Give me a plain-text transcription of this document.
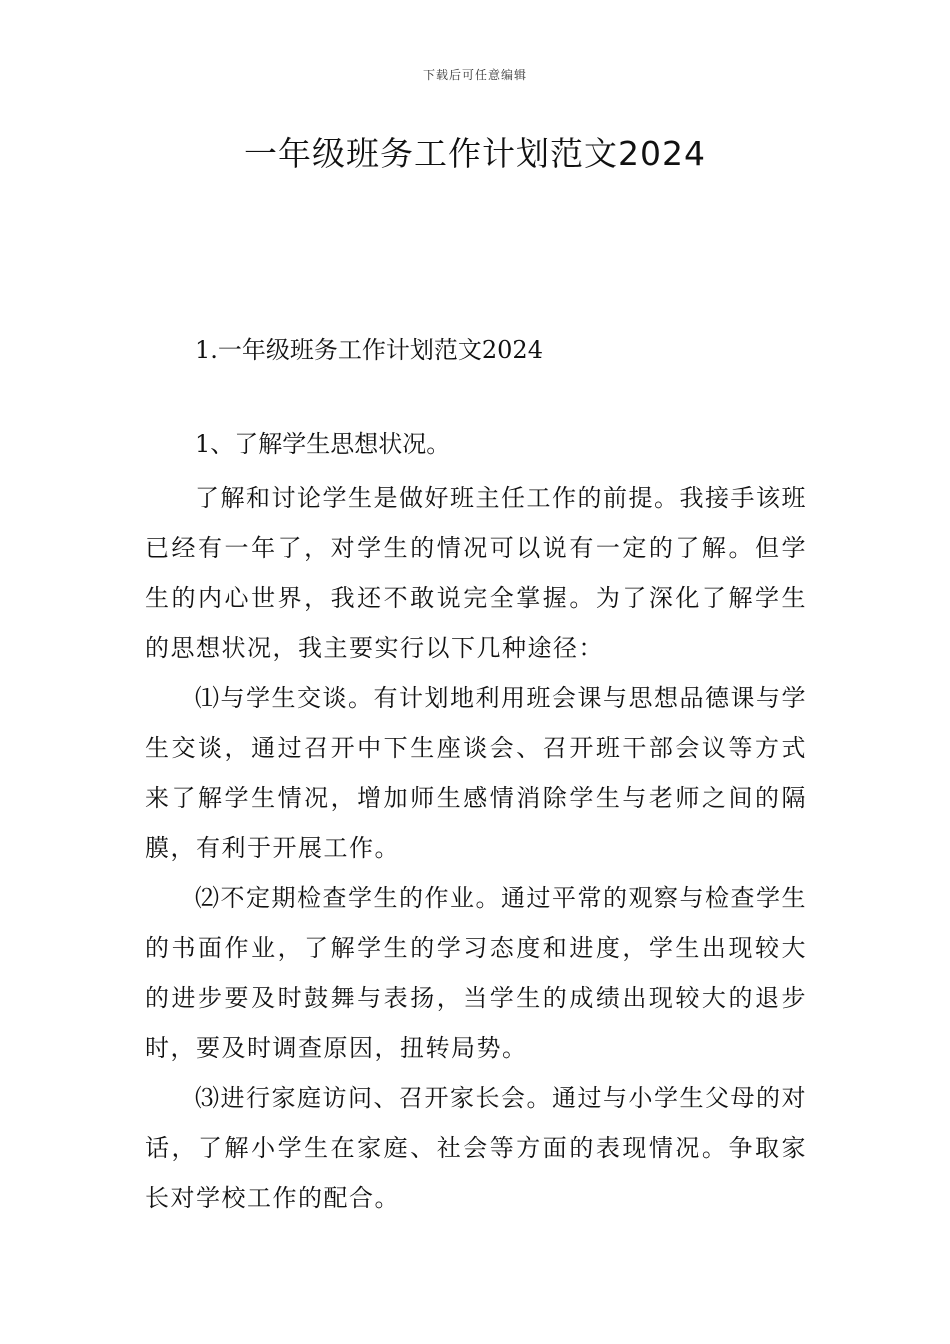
下载后可任意编辑
一年级班务工作计划范文2024
1.一年级班务工作计划范文2024
1、了解学生思想状况。

了解和讨论学生是做好班主任工作的前提。我接手该班已经有一年了，对学生的情况可以说有一定的了解。但学生的内心世界，我还不敢说完全掌握。为了深化了解学生的思想状况，我主要实行以下几种途径：

⑴与学生交谈。有计划地利用班会课与思想品德课与学生交谈，通过召开中下生座谈会、召开班干部会议等方式来了解学生情况，增加师生感情消除学生与老师之间的隔膜，有利于开展工作。

⑵不定期检查学生的作业。通过平常的观察与检查学生的书面作业，了解学生的学习态度和进度，学生出现较大的进步要及时鼓舞与表扬，当学生的成绩出现较大的退步时，要及时调查原因，扭转局势。

⑶进行家庭访问、召开家长会。通过与小学生父母的对话，了解小学生在家庭、社会等方面的表现情况。争取家长对学校工作的配合。
